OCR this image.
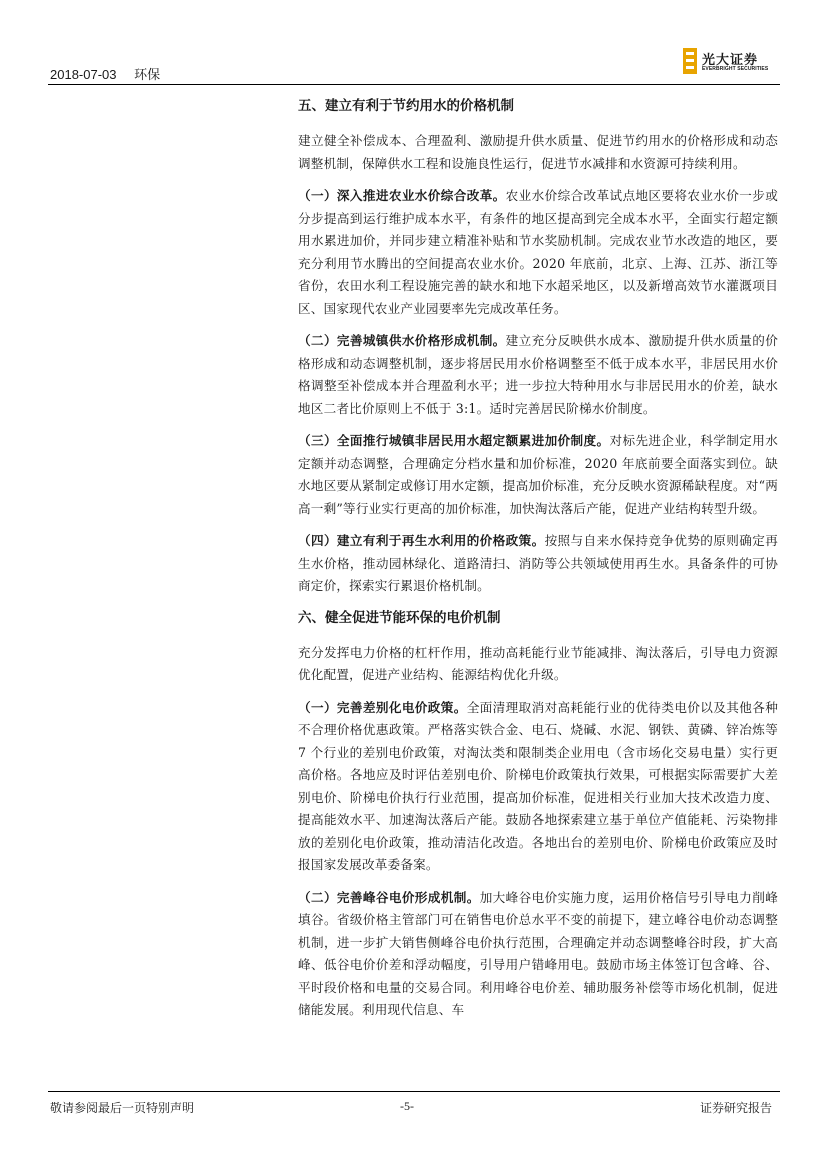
2018-07-03 环保
光大证券
EVERBRIGHT SECURITIES
五、建立有利于节约用水的价格机制

建立健全补偿成本、合理盈利、激励提升供水质量、促进节约用水的价格形成和动态调整机制，保障供水工程和设施良性运行，促进节水减排和水资源可持续利用。

（一）深入推进农业水价综合改革。农业水价综合改革试点地区要将农业水价一步或分步提高到运行维护成本水平，有条件的地区提高到完全成本水平，全面实行超定额用水累进加价，并同步建立精准补贴和节水奖励机制。完成农业节水改造的地区，要充分利用节水腾出的空间提高农业水价。2020 年底前，北京、上海、江苏、浙江等省份，农田水利工程设施完善的缺水和地下水超采地区，以及新增高效节水灌溉项目区、国家现代农业产业园要率先完成改革任务。

（二）完善城镇供水价格形成机制。建立充分反映供水成本、激励提升供水质量的价格形成和动态调整机制，逐步将居民用水价格调整至不低于成本水平，非居民用水价格调整至补偿成本并合理盈利水平；进一步拉大特种用水与非居民用水的价差，缺水地区二者比价原则上不低于 3:1。适时完善居民阶梯水价制度。

（三）全面推行城镇非居民用水超定额累进加价制度。对标先进企业，科学制定用水定额并动态调整，合理确定分档水量和加价标准，2020 年底前要全面落实到位。缺水地区要从紧制定或修订用水定额，提高加价标准，充分反映水资源稀缺程度。对“两高一剩”等行业实行更高的加价标准，加快淘汰落后产能，促进产业结构转型升级。

（四）建立有利于再生水利用的价格政策。按照与自来水保持竞争优势的原则确定再生水价格，推动园林绿化、道路清扫、消防等公共领域使用再生水。具备条件的可协商定价，探索实行累退价格机制。

六、健全促进节能环保的电价机制

充分发挥电力价格的杠杆作用，推动高耗能行业节能减排、淘汰落后，引导电力资源优化配置，促进产业结构、能源结构优化升级。

（一）完善差别化电价政策。全面清理取消对高耗能行业的优待类电价以及其他各种不合理价格优惠政策。严格落实铁合金、电石、烧碱、水泥、钢铁、黄磷、锌冶炼等 7 个行业的差别电价政策，对淘汰类和限制类企业用电（含市场化交易电量）实行更高价格。各地应及时评估差别电价、阶梯电价政策执行效果，可根据实际需要扩大差别电价、阶梯电价执行行业范围，提高加价标准，促进相关行业加大技术改造力度、提高能效水平、加速淘汰落后产能。鼓励各地探索建立基于单位产值能耗、污染物排放的差别化电价政策，推动清洁化改造。各地出台的差别电价、阶梯电价政策应及时报国家发展改革委备案。

（二）完善峰谷电价形成机制。加大峰谷电价实施力度，运用价格信号引导电力削峰填谷。省级价格主管部门可在销售电价总水平不变的前提下，建立峰谷电价动态调整机制，进一步扩大销售侧峰谷电价执行范围，合理确定并动态调整峰谷时段，扩大高峰、低谷电价价差和浮动幅度，引导用户错峰用电。鼓励市场主体签订包含峰、谷、平时段价格和电量的交易合同。利用峰谷电价差、辅助服务补偿等市场化机制，促进储能发展。利用现代信息、车

敬请参阅最后一页特别声明	-5-	证券研究报告
